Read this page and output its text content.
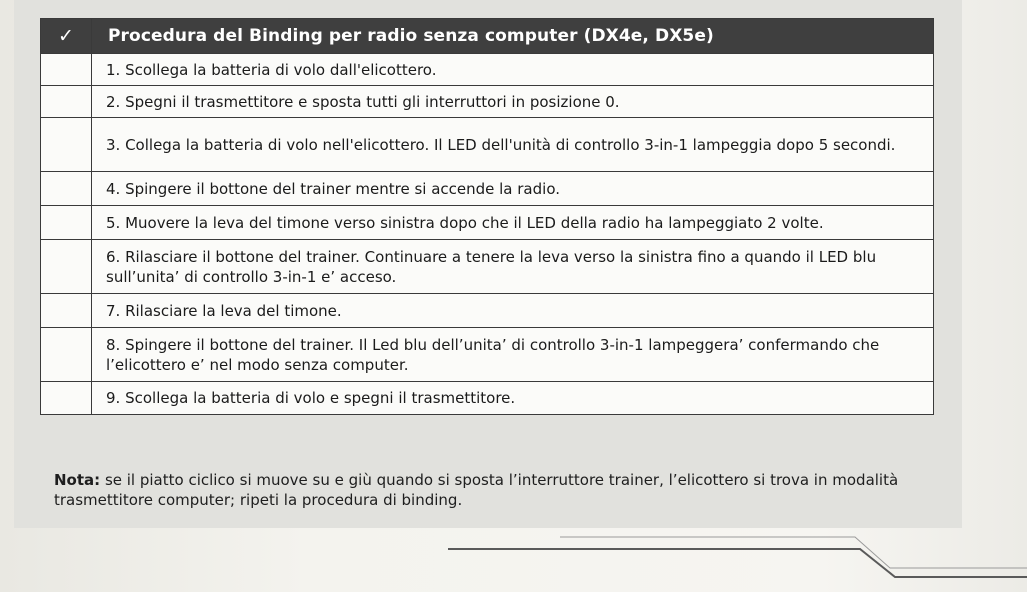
✓	Procedura del Binding per radio senza computer (DX4e, DX5e)
	1. Scollega la batteria di volo dall'elicottero.
	2. Spegni il trasmettitore e sposta tutti gli interruttori in posizione 0.
	3. Collega la batteria di volo nell'elicottero. Il LED dell'unità di controllo 3-in-1 lampeggia dopo 5 secondi.
	4. Spingere il bottone del trainer mentre si accende la radio.
	5. Muovere la leva del timone verso sinistra dopo che il LED della radio ha lampeggiato 2 volte.
	6. Rilasciare il bottone del trainer. Continuare a tenere la leva verso la sinistra fino a quando il LED blu sull’unita’ di controllo 3-in-1 e’ acceso.
	7. Rilasciare la leva del timone.
	8. Spingere il bottone del trainer. Il Led blu dell’unita’ di controllo 3-in-1 lampeggera’ confermando che l’elicottero e’ nel modo senza computer.
	9. Scollega la batteria di volo e spegni il trasmettitore.
Nota: se il piatto ciclico si muove su e giù quando si sposta l’interruttore trainer, l’elicottero si trova in modalità trasmettitore computer; ripeti la procedura di binding.
